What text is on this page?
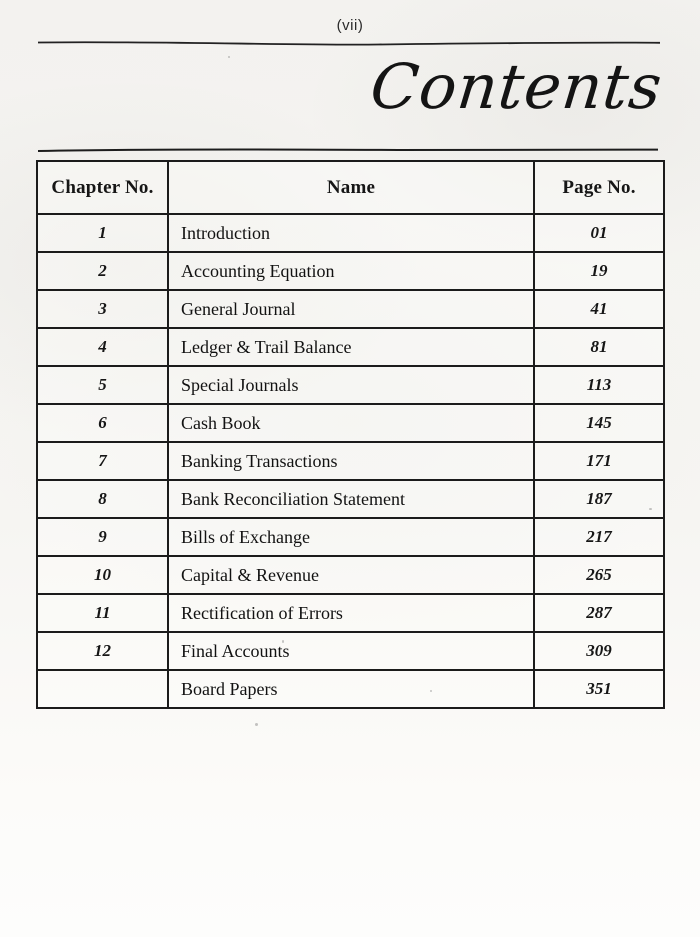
(vii)
Contents
Chapter No.	Name	Page No.
1	Introduction	01
2	Accounting Equation	19
3	General Journal	41
4	Ledger & Trail Balance	81
5	Special Journals	113
6	Cash Book	145
7	Banking Transactions	171
8	Bank Reconciliation Statement	187
9	Bills of Exchange	217
10	Capital & Revenue	265
11	Rectification of Errors	287
12	Final Accounts	309
	Board Papers	351
